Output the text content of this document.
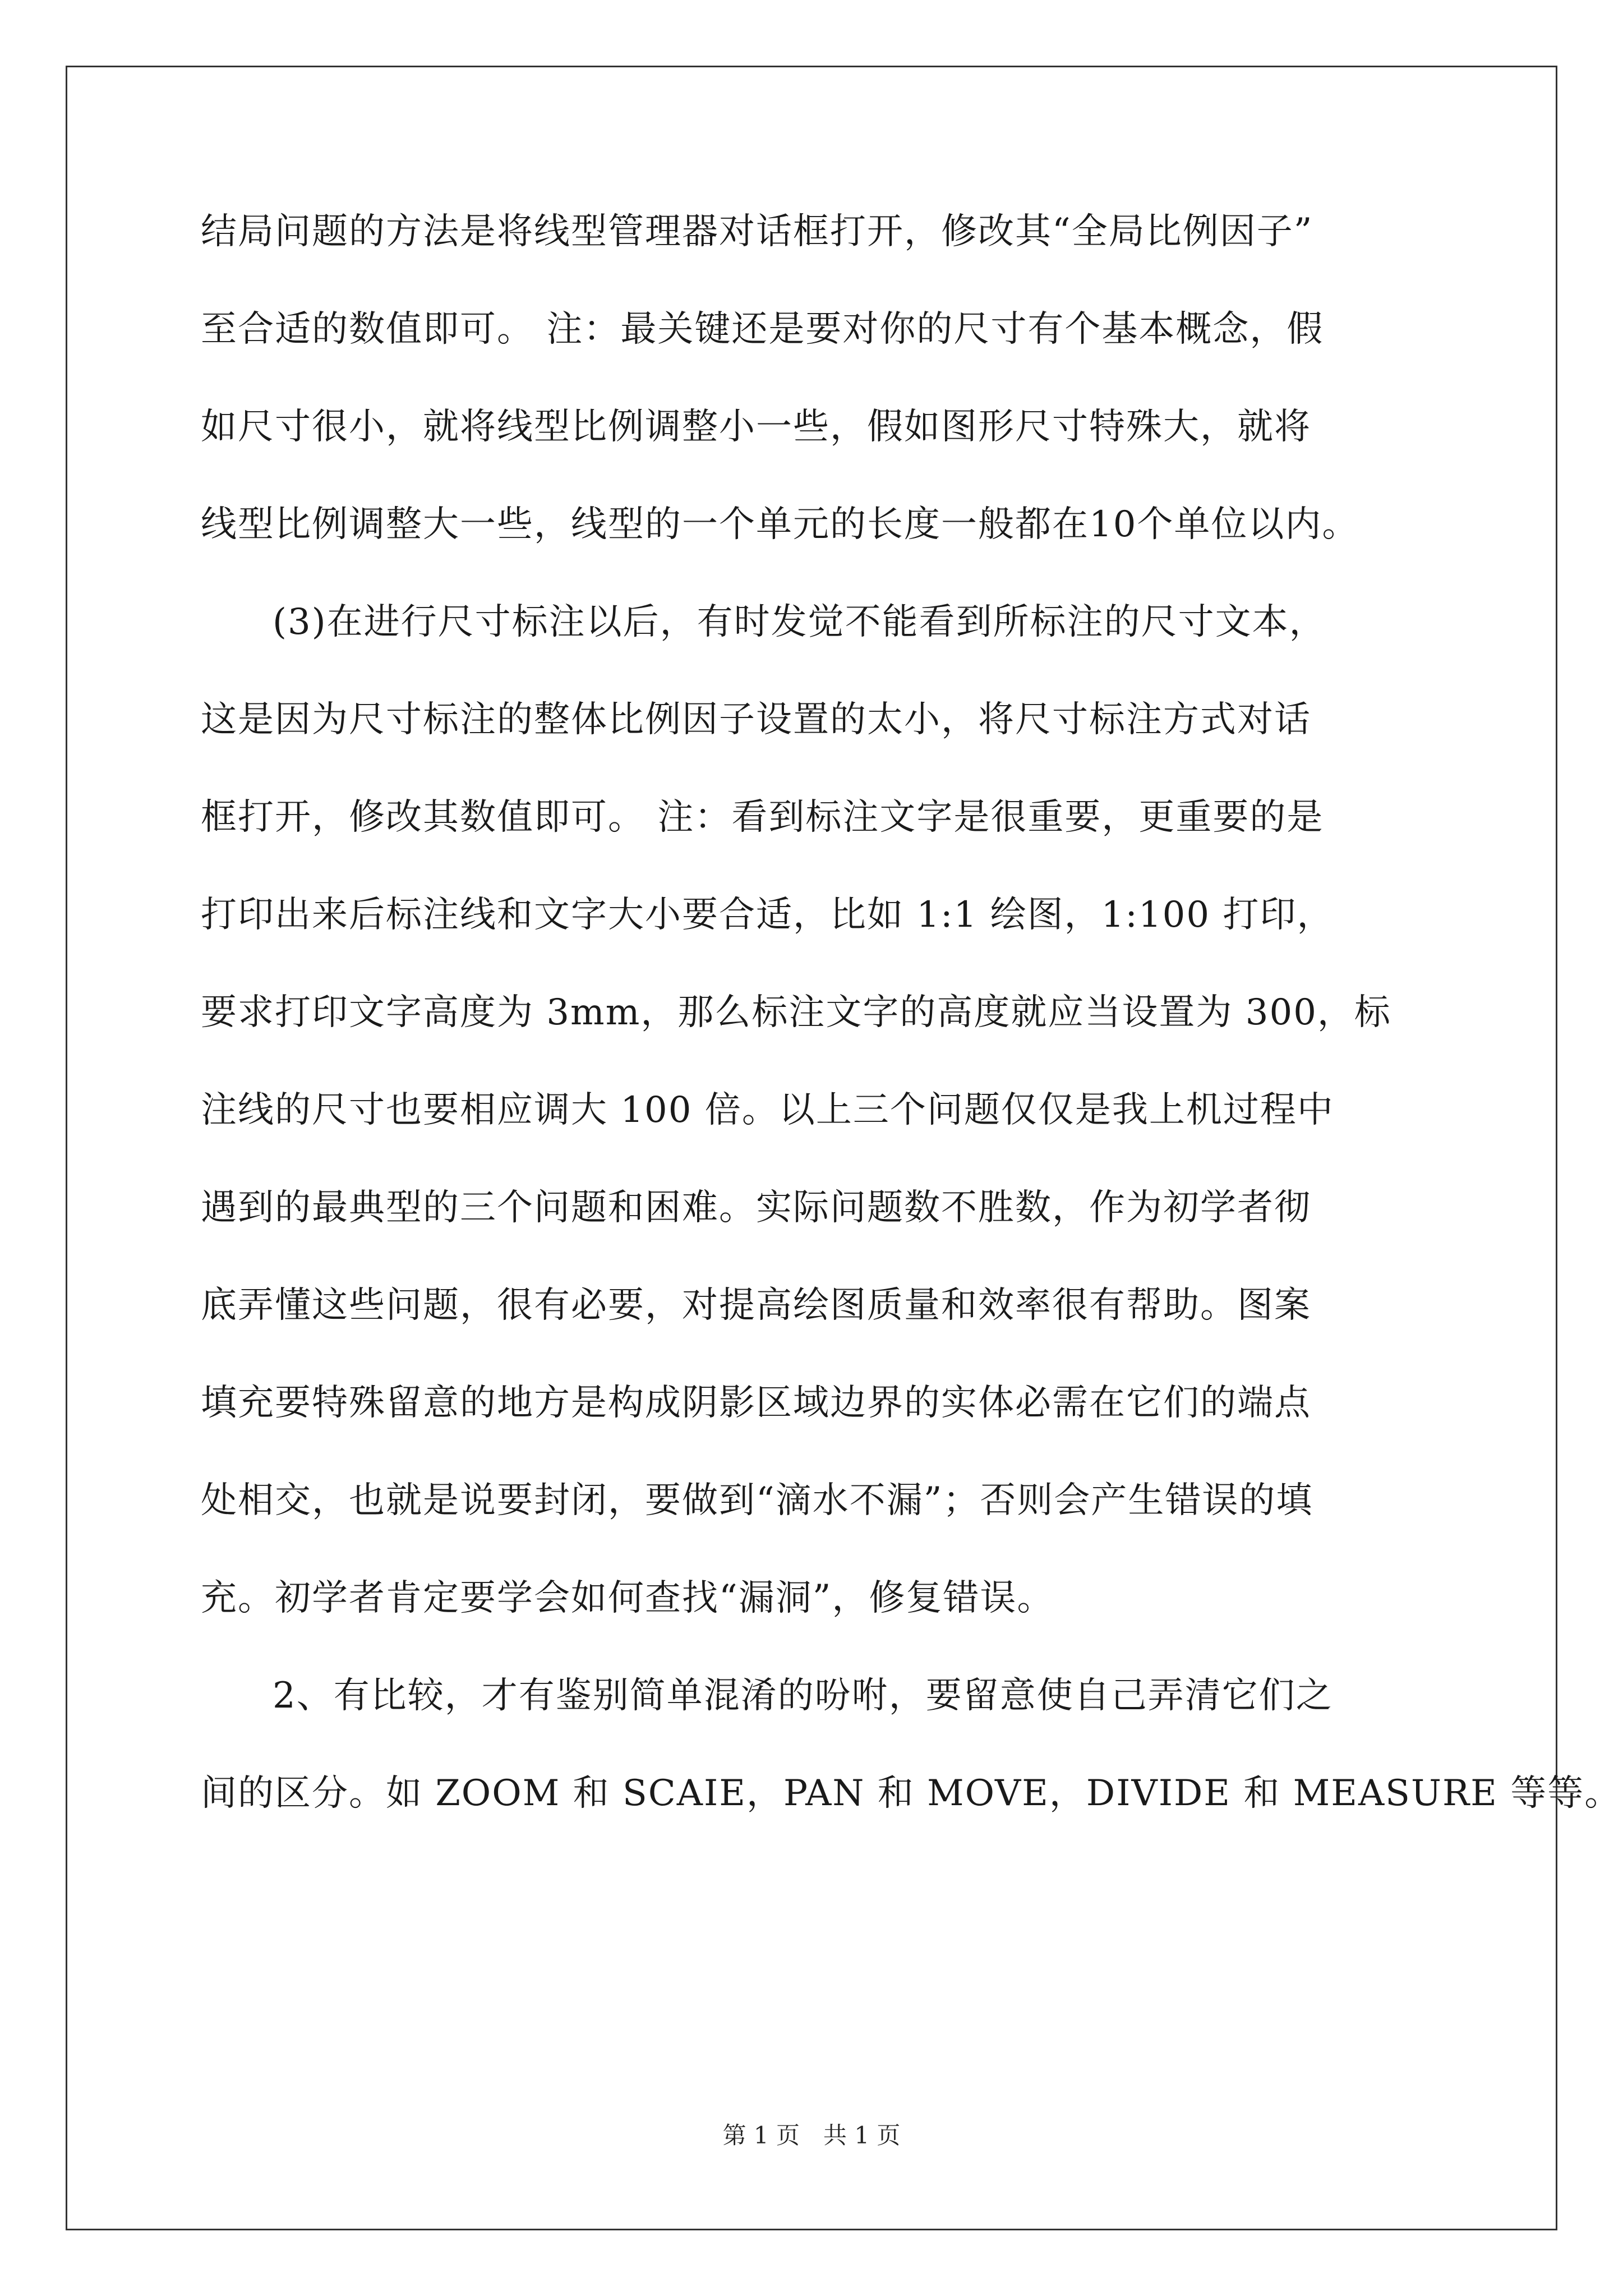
结局问题的方法是将线型管理器对话框打开，修改其“全局比例因子”
至合适的数值即可。 注：最关键还是要对你的尺寸有个基本概念，假
如尺寸很小，就将线型比例调整小一些，假如图形尺寸特殊大，就将
线型比例调整大一些，线型的一个单元的长度一般都在10个单位以内。
(3)在进行尺寸标注以后，有时发觉不能看到所标注的尺寸文本，
这是因为尺寸标注的整体比例因子设置的太小，将尺寸标注方式对话
框打开，修改其数值即可。 注：看到标注文字是很重要，更重要的是
打印出来后标注线和文字大小要合适，比如 1:1 绘图，1:100 打印，
要求打印文字高度为 3mm，那么标注文字的高度就应当设置为 300，标
注线的尺寸也要相应调大 100 倍。以上三个问题仅仅是我上机过程中
遇到的最典型的三个问题和困难。实际问题数不胜数，作为初学者彻
底弄懂这些问题，很有必要，对提高绘图质量和效率很有帮助。图案
填充要特殊留意的地方是构成阴影区域边界的实体必需在它们的端点
处相交，也就是说要封闭，要做到“滴水不漏”；否则会产生错误的填
充。初学者肯定要学会如何查找“漏洞”，修复错误。
2、有比较，才有鉴别简单混淆的吩咐，要留意使自己弄清它们之
间的区分。如 ZOOM 和 SCAIE，PAN 和 MOVE，DIVIDE 和 MEASURE 等等。
第 1 页　共 1 页
